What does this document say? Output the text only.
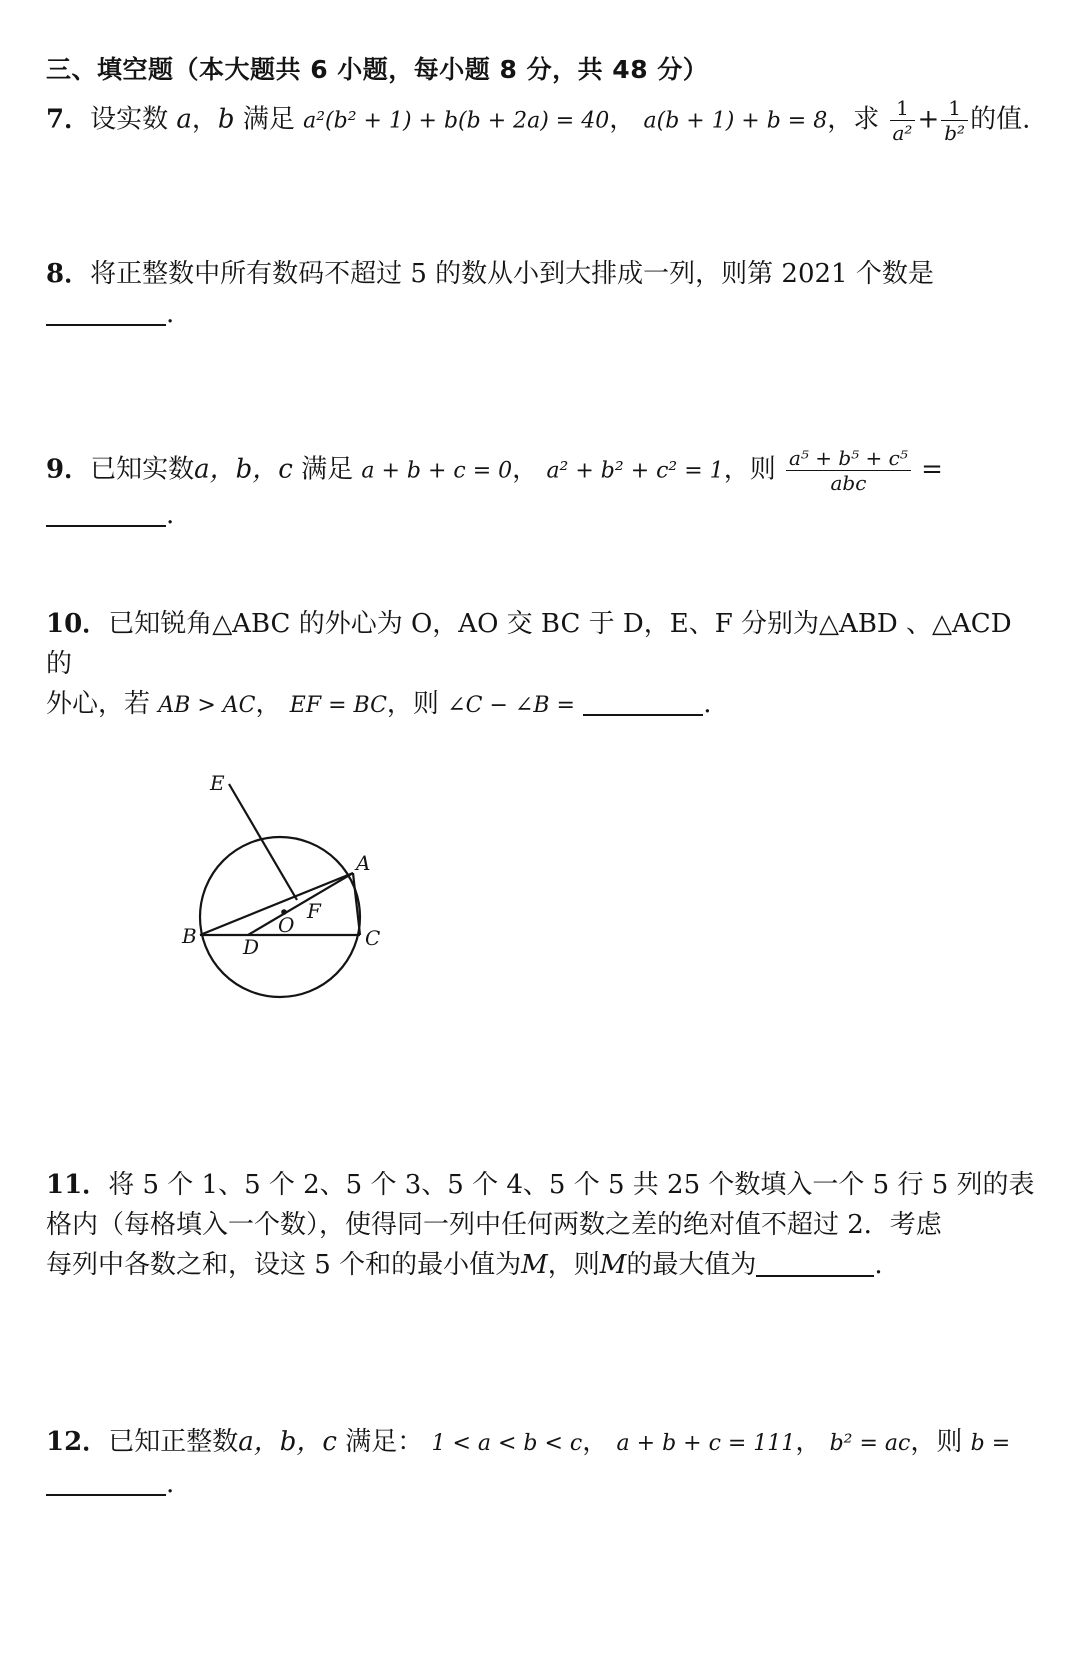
三、填空题（本大题共 6 小题，每小题 8 分，共 48 分）
7．设实数 a，b 满足 a²(b² + 1) + b(b + 2a) = 40， a(b + 1) + b = 8，求 $\frac{1}{\text{a²}} + \frac{1}{\text{b²}}$ 的值.
8．将正整数中所有数码不超过 5 的数从小到大排成一列，则第 2021 个数是
.
9．已知实数a，b，c 满足 a + b + c = 0， a² + b² + c² = 1，则 $\frac{\text{a⁵ + b⁵ + c⁵}}{\text{abc}}$ = .
10．已知锐角△ABC 的外心为 O，AO 交 BC 于 D，E、F 分别为△ABD 、△ACD 的
外心，若 AB > AC， EF = BC，则 ∠C − ∠B =	.
E
A
B	C
D
O
F
11．将 5 个 1、5 个 2、5 个 3、5 个 4、5 个 5 共 25 个数填入一个 5 行 5 列的表
格内（每格填入一个数），使得同一列中任何两数之差的绝对值不超过 2．考虑
每列中各数之和，设这 5 个和的最小值为M，则M的最大值为	.
12．已知正整数a，b，c 满足： 1 < a < b < c， a + b + c = 111， b² = ac，则 b = .
